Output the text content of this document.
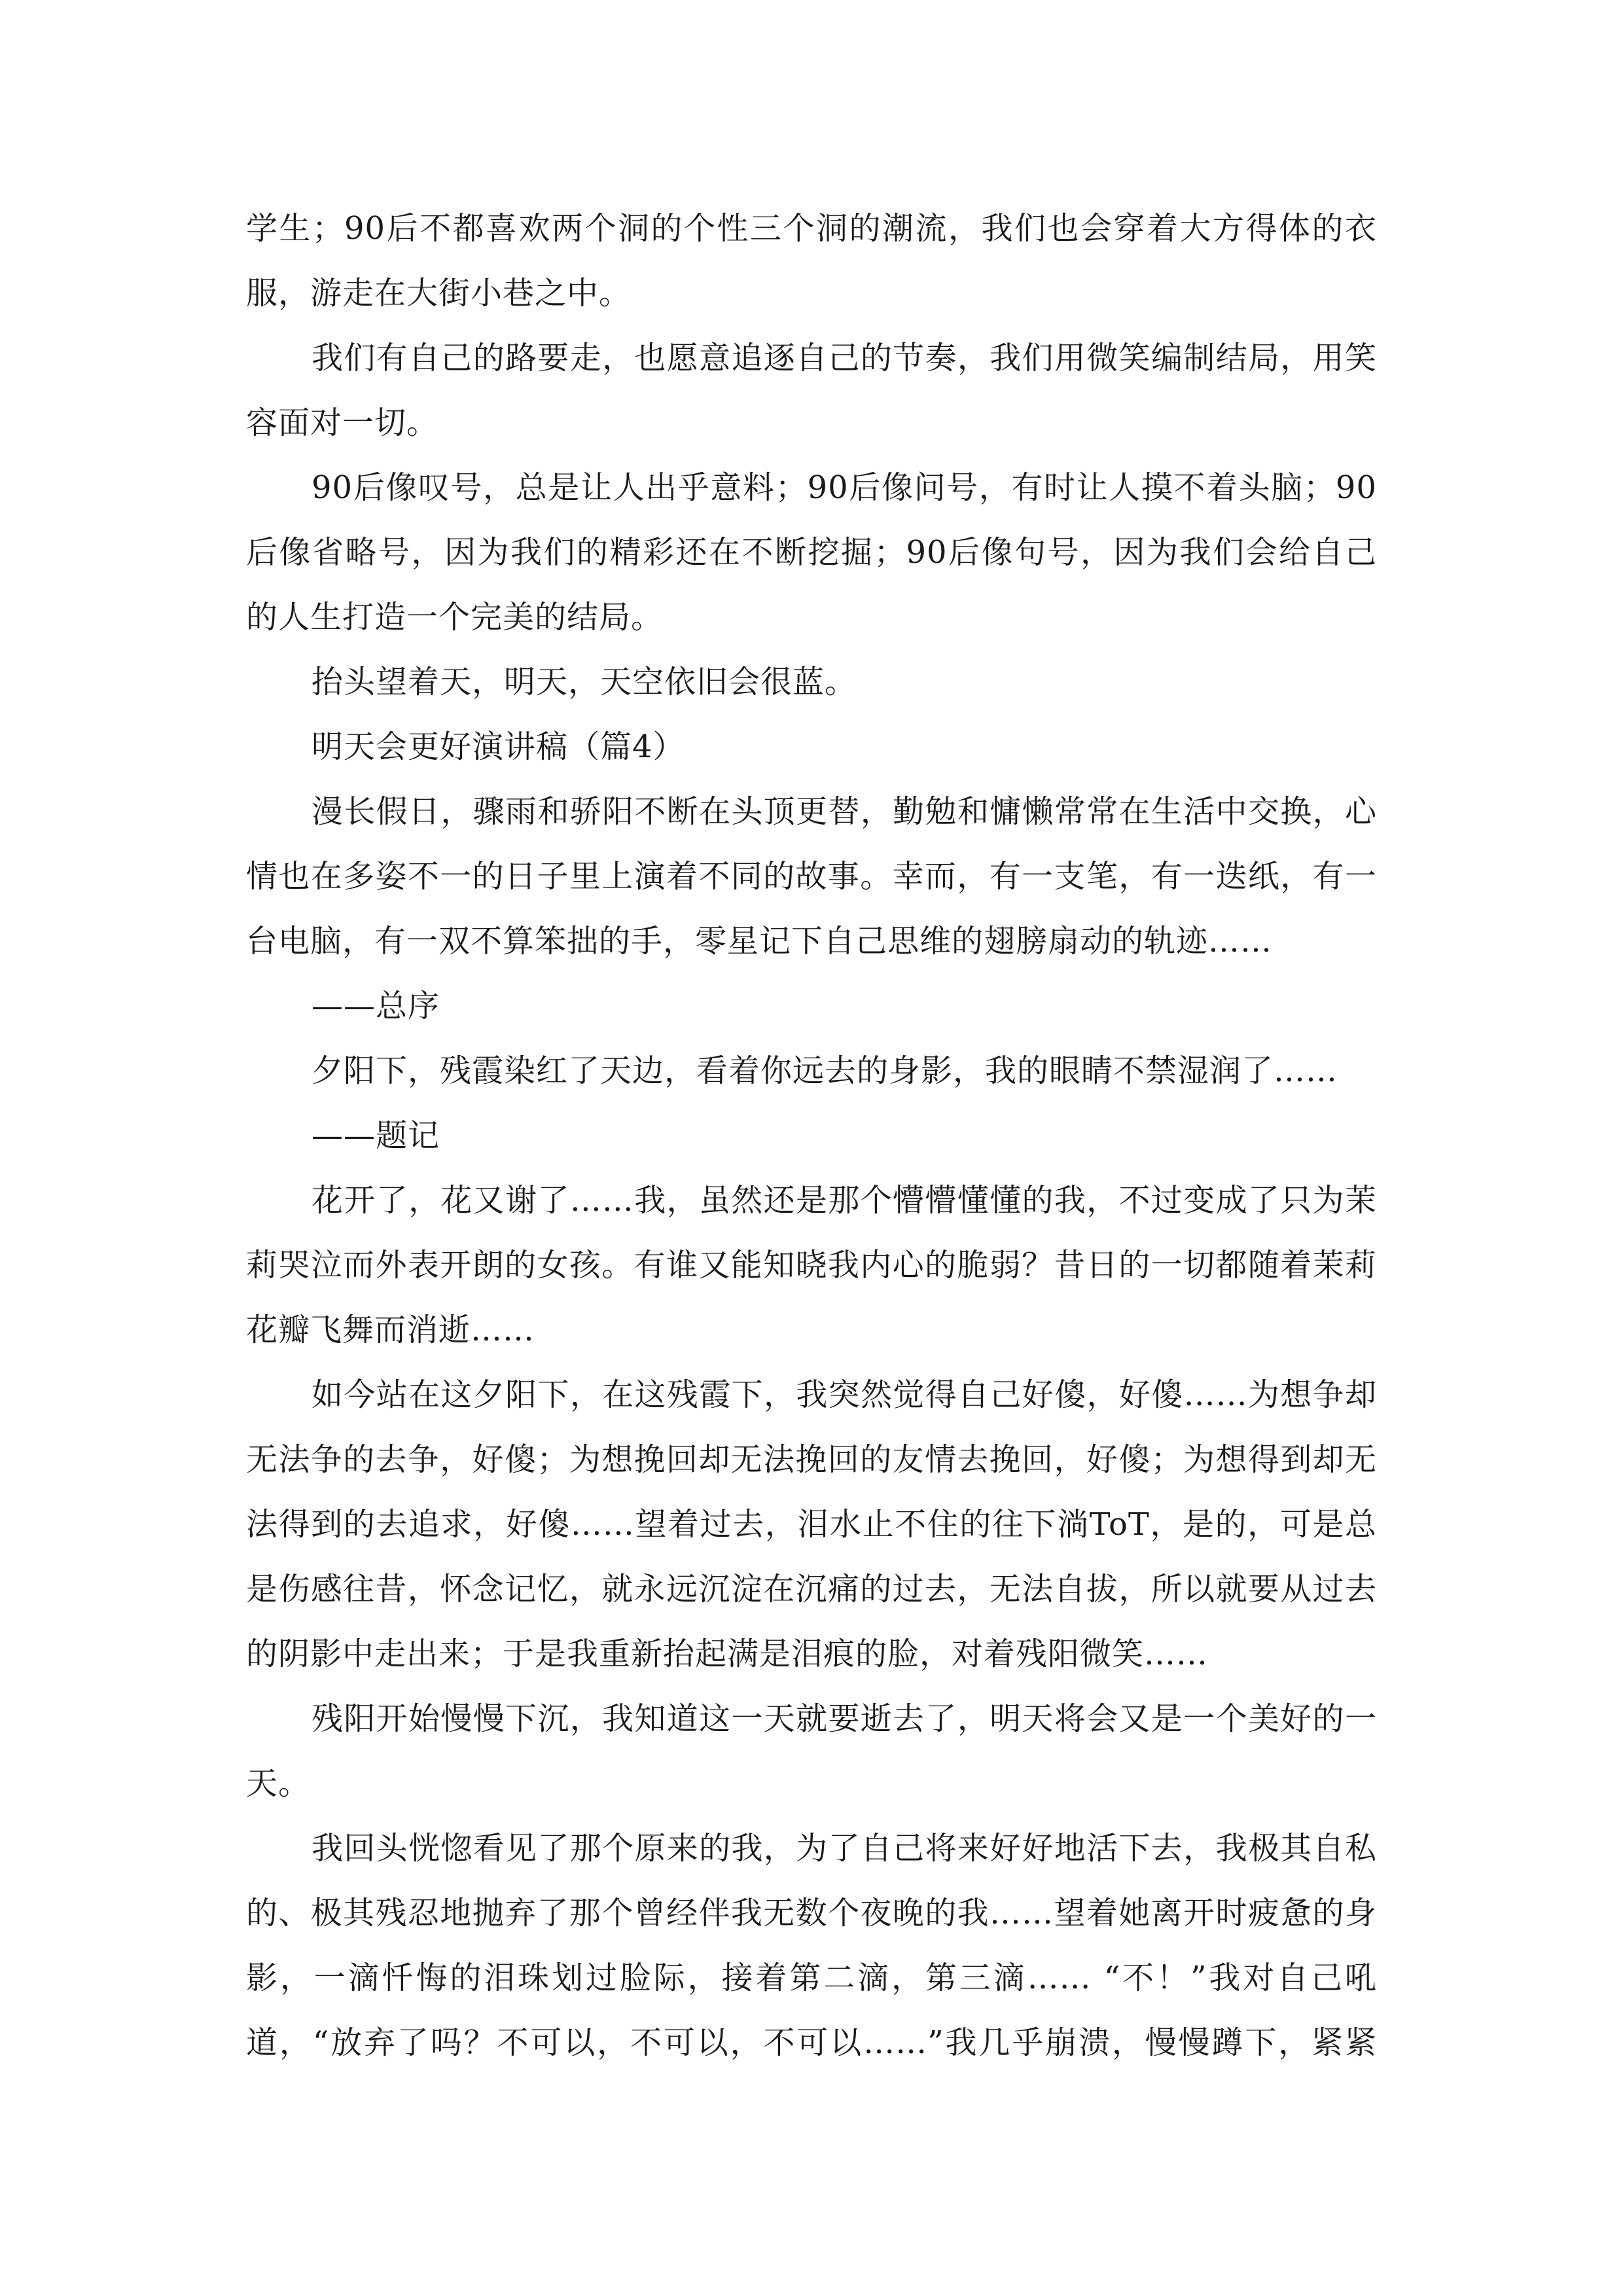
学生；90后不都喜欢两个洞的个性三个洞的潮流，我们也会穿着大方得体的衣
服，游走在大街小巷之中。
我们有自己的路要走，也愿意追逐自己的节奏，我们用微笑编制结局，用笑
容面对一切。
90后像叹号，总是让人出乎意料；90后像问号，有时让人摸不着头脑；90
后像省略号，因为我们的精彩还在不断挖掘；90后像句号，因为我们会给自己
的人生打造一个完美的结局。
抬头望着天，明天，天空依旧会很蓝。
明天会更好演讲稿（篇4）
漫长假日，骤雨和骄阳不断在头顶更替，勤勉和慵懒常常在生活中交换，心
情也在多姿不一的日子里上演着不同的故事。幸而，有一支笔，有一迭纸，有一
台电脑，有一双不算笨拙的手，零星记下自己思维的翅膀扇动的轨迹……
——总序
夕阳下，残霞染红了天边，看着你远去的身影，我的眼睛不禁湿润了……
——题记
花开了，花又谢了……我，虽然还是那个懵懵懂懂的我，不过变成了只为茉
莉哭泣而外表开朗的女孩。有谁又能知晓我内心的脆弱？昔日的一切都随着茉莉
花瓣飞舞而消逝……
如今站在这夕阳下，在这残霞下，我突然觉得自己好傻，好傻……为想争却
无法争的去争，好傻；为想挽回却无法挽回的友情去挽回，好傻；为想得到却无
法得到的去追求，好傻……望着过去，泪水止不住的往下淌ToT，是的，可是总
是伤感往昔，怀念记忆，就永远沉淀在沉痛的过去，无法自拔，所以就要从过去
的阴影中走出来；于是我重新抬起满是泪痕的脸，对着残阳微笑……
残阳开始慢慢下沉，我知道这一天就要逝去了，明天将会又是一个美好的一
天。
我回头恍惚看见了那个原来的我，为了自己将来好好地活下去，我极其自私
的、极其残忍地抛弃了那个曾经伴我无数个夜晚的我……望着她离开时疲惫的身
影，一滴忏悔的泪珠划过脸际，接着第二滴，第三滴…… “不！”我对自己吼
道，“放弃了吗？不可以，不可以，不可以……”我几乎崩溃，慢慢蹲下，紧紧
